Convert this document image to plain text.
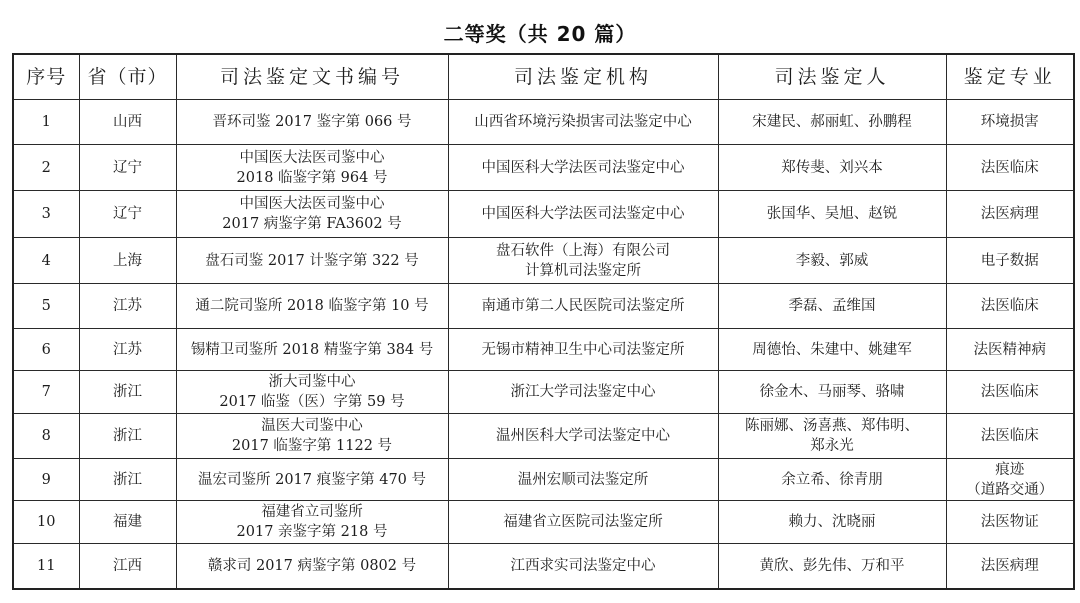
二等奖（共 20 篇）
序号	省（市）	司法鉴定文书编号	司法鉴定机构	司法鉴定人	鉴定专业
1	山西	晋环司鉴 2017 鉴字第 066 号	山西省环境污染损害司法鉴定中心	宋建民、郝丽虹、孙鹏程	环境损害

2	辽宁	中国医大法医司鉴中心
2018 临鉴字第 964 号	中国医科大学法医司法鉴定中心	郑传斐、刘兴本	法医临床

3	辽宁	中国医大法医司鉴中心
2017 病鉴字第 FA3602 号	中国医科大学法医司法鉴定中心	张国华、吴旭、赵锐	法医病理

4	上海	盘石司鉴 2017 计鉴字第 322 号	盘石软件（上海）有限公司
计算机司法鉴定所	李毅、郭威	电子数据

5	江苏	通二院司鉴所 2018 临鉴字第 10 号	南通市第二人民医院司法鉴定所	季磊、孟维国	法医临床

6	江苏	锡精卫司鉴所 2018 精鉴字第 384 号	无锡市精神卫生中心司法鉴定所	周德怡、朱建中、姚建军	法医精神病

7	浙江	浙大司鉴中心
2017 临鉴（医）字第 59 号	浙江大学司法鉴定中心	徐金木、马丽琴、骆啸	法医临床

8	浙江	温医大司鉴中心
2017 临鉴字第 1122 号	温州医科大学司法鉴定中心	陈丽娜、汤喜燕、郑伟明、
郑永光	法医临床

9	浙江	温宏司鉴所 2017 痕鉴字第 470 号	温州宏顺司法鉴定所	余立希、徐青朋	痕迹
（道路交通）

10	福建	福建省立司鉴所
2017 亲鉴字第 218 号	福建省立医院司法鉴定所	赖力、沈晓丽	法医物证

11	江西	赣求司 2017 病鉴字第 0802 号	江西求实司法鉴定中心	黄欣、彭先伟、万和平	法医病理
